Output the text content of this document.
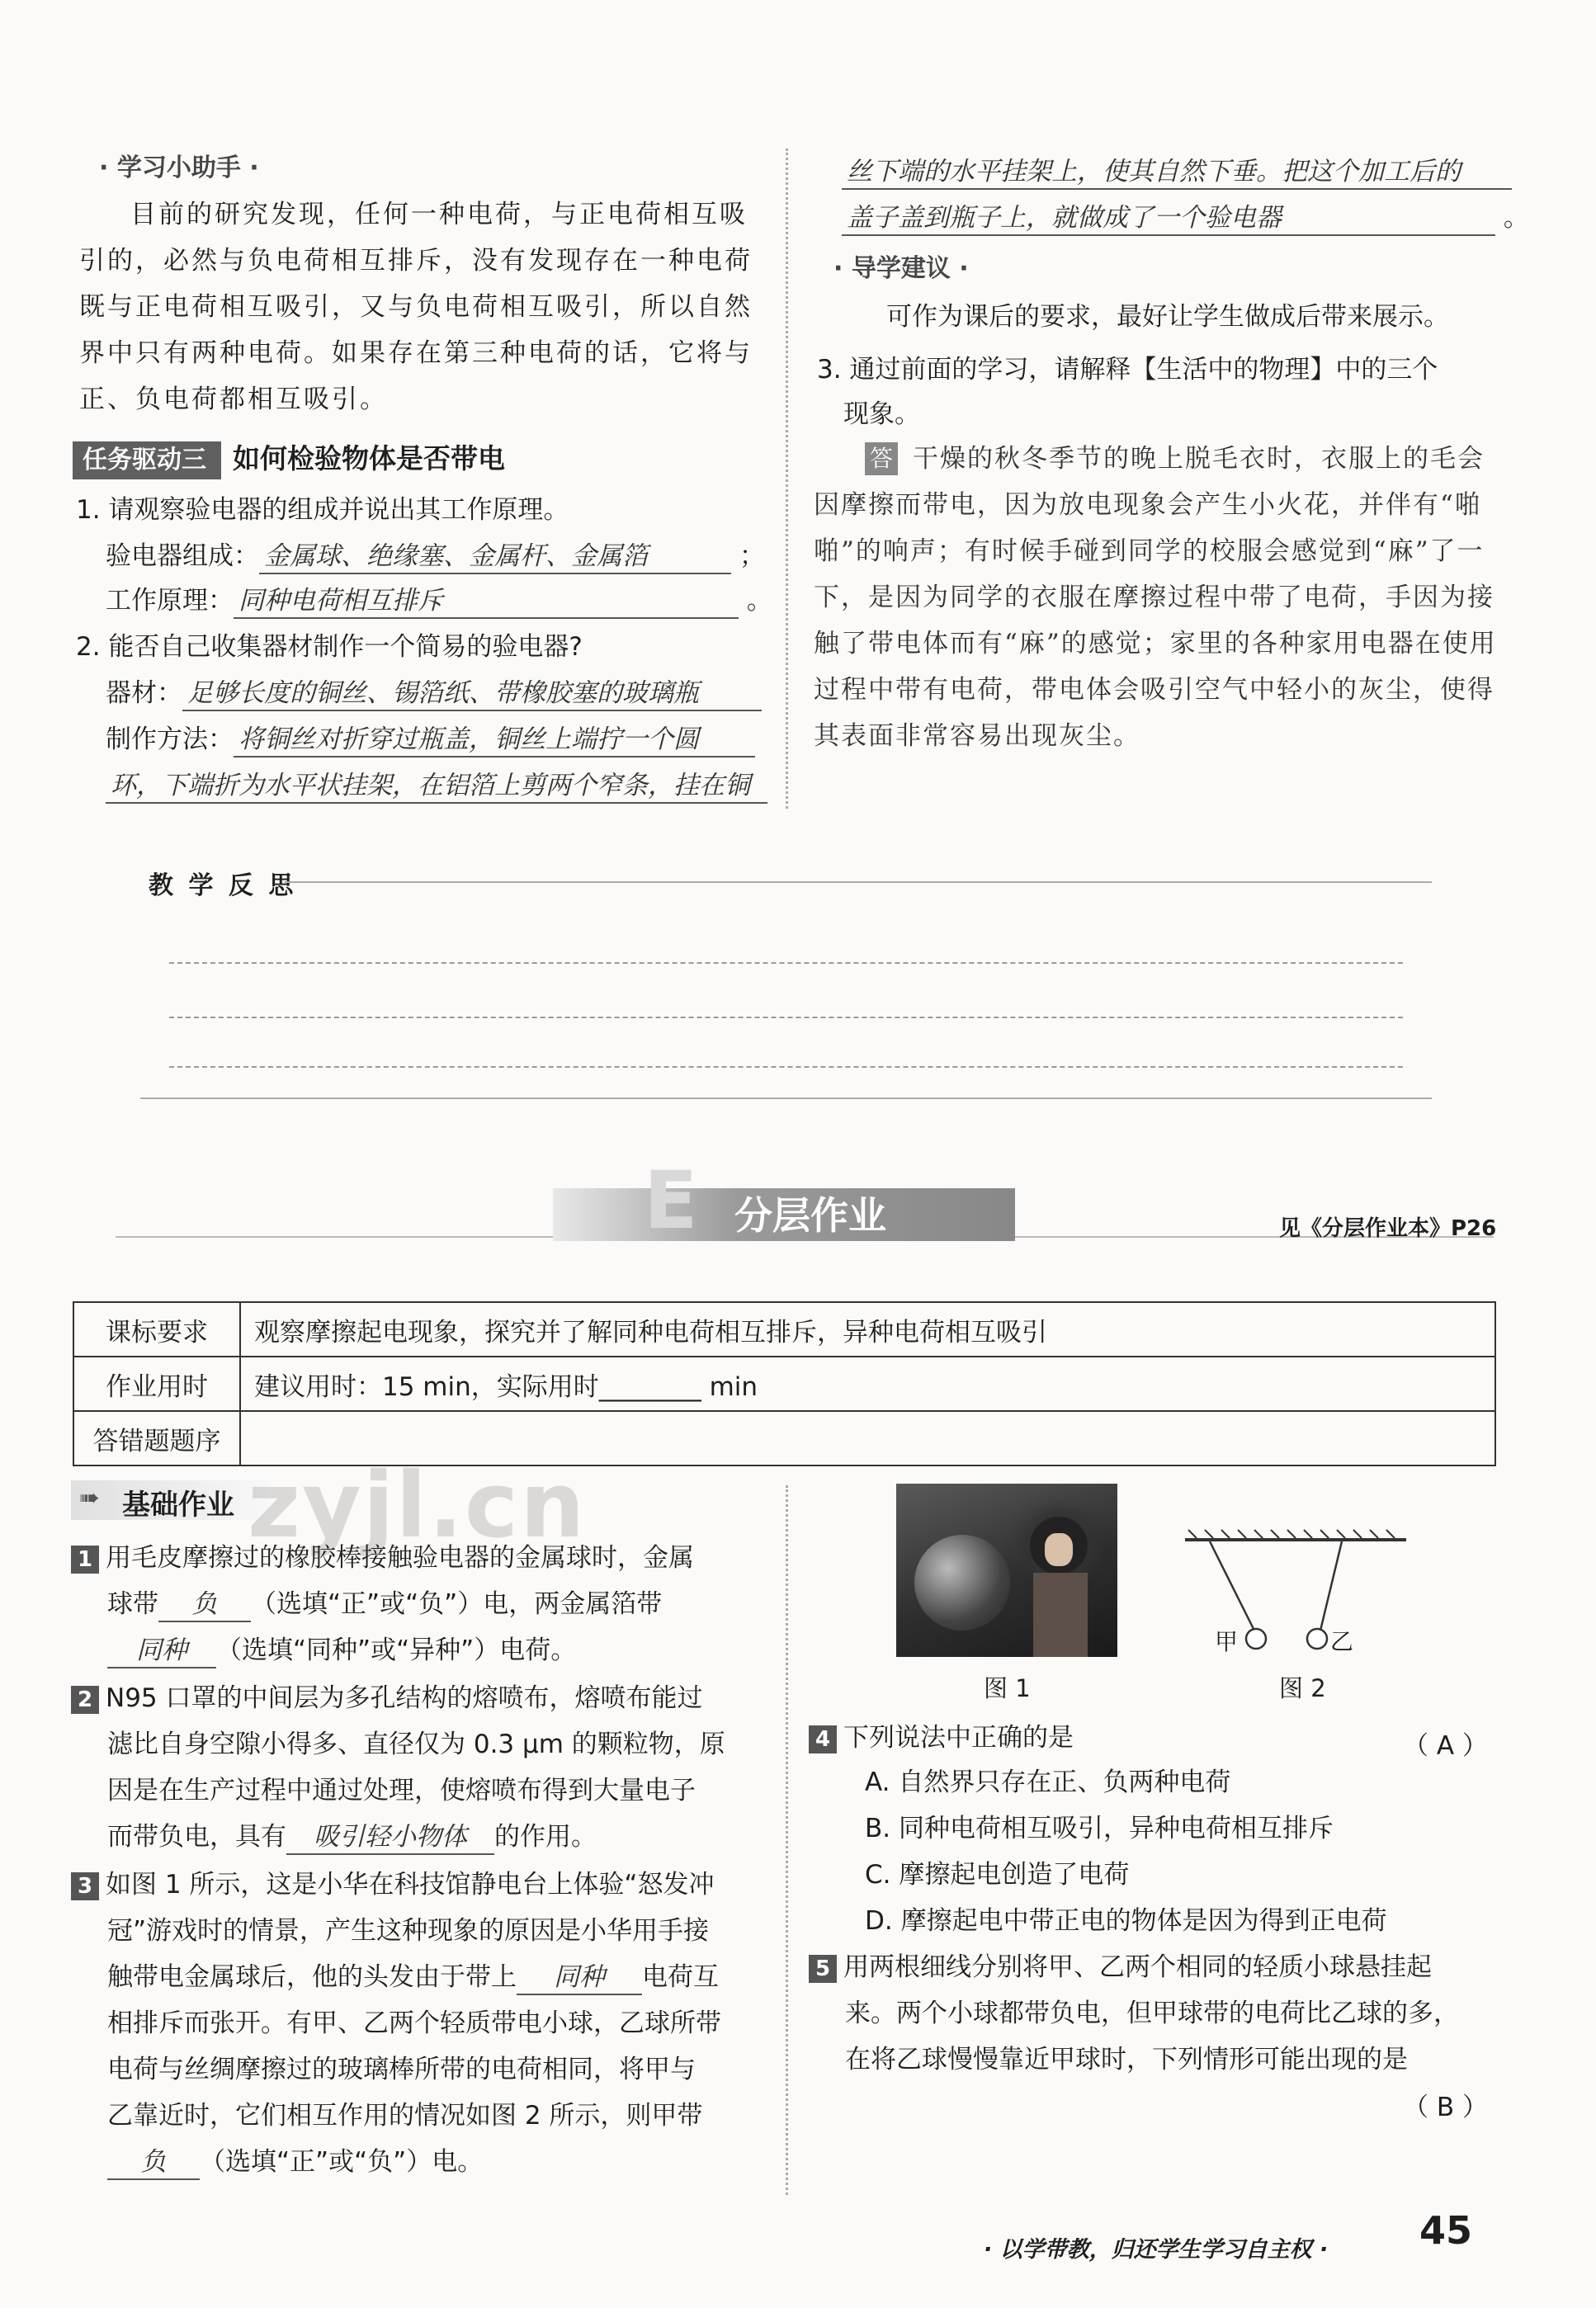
· 学习小助手 ·
目前的研究发现，任何一种电荷，与正电荷相互吸引的，必然与负电荷相互排斥，没有发现存在一种电荷既与正电荷相互吸引，又与负电荷相互吸引，所以自然界中只有两种电荷。如果存在第三种电荷的话，它将与正、负电荷都相互吸引。
任务驱动三 如何检验物体是否带电
1. 请观察验电器的组成并说出其工作原理。
验电器组成： 金属球、绝缘塞、金属杆、金属箔	；
工作原理： 同种电荷相互排斥	。
2. 能否自己收集器材制作一个简易的验电器?
器材： 足够长度的铜丝、锡箔纸、带橡胶塞的玻璃瓶
制作方法： 将铜丝对折穿过瓶盖，铜丝上端拧一个圆
环，下端折为水平状挂架，在铝箔上剪两个窄条，挂在铜
丝下端的水平挂架上，使其自然下垂。把这个加工后的
盖子盖到瓶子上，就做成了一个验电器	。
· 导学建议 ·
可作为课后的要求，最好让学生做成后带来展示。
3. 通过前面的学习，请解释【生活中的物理】中的三个
现象。
答 干燥的秋冬季节的晚上脱毛衣时，衣服上的毛会因摩擦而带电，因为放电现象会产生小火花，并伴有“啪啪”的响声；有时候手碰到同学的校服会感觉到“麻”了一下，是因为同学的衣服在摩擦过程中带了电荷，手因为接触了带电体而有“麻”的感觉；家里的各种家用电器在使用过程中带有电荷，带电体会吸引空气中轻小的灰尘，使得其表面非常容易出现灰尘。
教 学 反 思
E 分层作业	见《分层作业本》P26
课标要求	观察摩擦起电现象，探究并了解同种电荷相互排斥，异种电荷相互吸引
作业用时	建议用时：15 min，实际用时________ min
答错题题序	
➠ 基础作业 zyjl.cn
1 用毛皮摩擦过的橡胶棒接触验电器的金属球时，金属
球带 负 （选填“正”或“负”）电，两金属箔带
同种 （选填“同种”或“异种”）电荷。
2 N95 口罩的中间层为多孔结构的熔喷布，熔喷布能过
滤比自身空隙小得多、直径仅为 0.3 μm 的颗粒物，原
因是在生产过程中通过处理，使熔喷布得到大量电子
而带负电，具有 吸引轻小物体 的作用。
3 如图 1 所示，这是小华在科技馆静电台上体验“怒发冲
冠”游戏时的情景，产生这种现象的原因是小华用手接
触带电金属球后，他的头发由于带上 同种 电荷互
相排斥而张开。有甲、乙两个轻质带电小球，乙球所带
电荷与丝绸摩擦过的玻璃棒所带的电荷相同，将甲与
乙靠近时，它们相互作用的情况如图 2 所示，则甲带
负 （选填“正”或“负”）电。
图 1
甲	乙
图 2
4 下列说法中正确的是	（ A ）
A. 自然界只存在正、负两种电荷
B. 同种电荷相互吸引，异种电荷相互排斥
C. 摩擦起电创造了电荷
D. 摩擦起电中带正电的物体是因为得到正电荷
5 用两根细线分别将甲、乙两个相同的轻质小球悬挂起
来。两个小球都带负电，但甲球带的电荷比乙球的多，
在将乙球慢慢靠近甲球时，下列情形可能出现的是
（ B ）
· 以学带教，归还学生学习自主权 · 45
